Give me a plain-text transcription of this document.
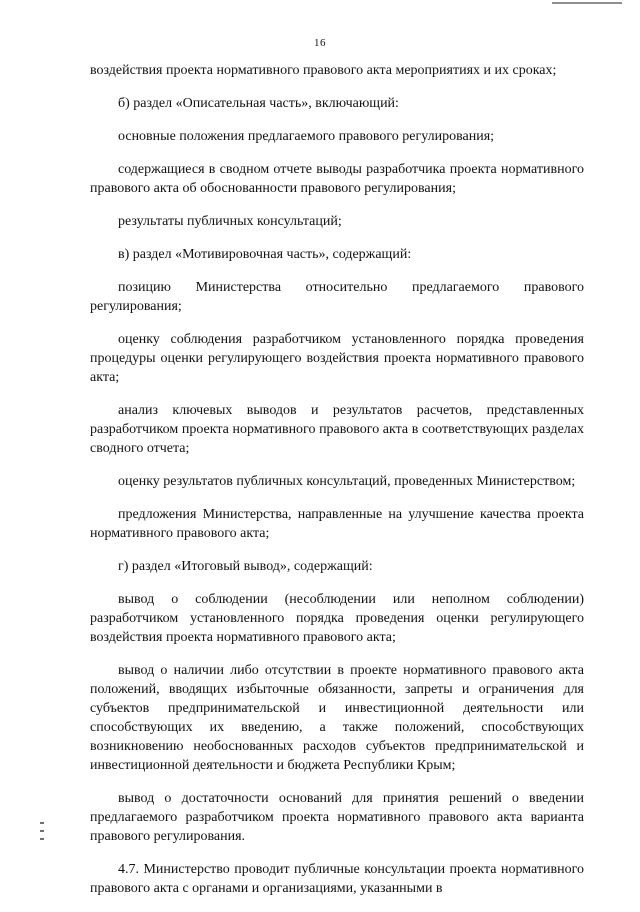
16

воздействия проекта нормативного правового акта мероприятиях и их сроках;

б) раздел «Описательная часть», включающий:

основные положения предлагаемого правового регулирования;

содержащиеся в сводном отчете выводы разработчика проекта нормативного правового акта об обоснованности правового регулирования;

результаты публичных консультаций;

в) раздел «Мотивировочная часть», содержащий:

позицию Министерства относительно предлагаемого правового регулирования;

оценку соблюдения разработчиком установленного порядка проведения процедуры оценки регулирующего воздействия проекта нормативного правового акта;

анализ ключевых выводов и результатов расчетов, представленных разработчиком проекта нормативного правового акта в соответствующих разделах сводного отчета;

оценку результатов публичных консультаций, проведенных Министерством;

предложения Министерства, направленные на улучшение качества проекта нормативного правового акта;

г) раздел «Итоговый вывод», содержащий:

вывод о соблюдении (несоблюдении или неполном соблюдении) разработчиком установленного порядка проведения оценки регулирующего воздействия проекта нормативного правового акта;

вывод о наличии либо отсутствии в проекте нормативного правового акта положений, вводящих избыточные обязанности, запреты и ограничения для субъектов предпринимательской и инвестиционной деятельности или способствующих их введению, а также положений, способствующих возникновению необоснованных расходов субъектов предпринимательской и инвестиционной деятельности и бюджета Республики Крым;

вывод о достаточности оснований для принятия решений о введении предлагаемого разработчиком проекта нормативного правового акта варианта правового регулирования.

4.7. Министерство проводит публичные консультации проекта нормативного правового акта с органами и организациями, указанными в
